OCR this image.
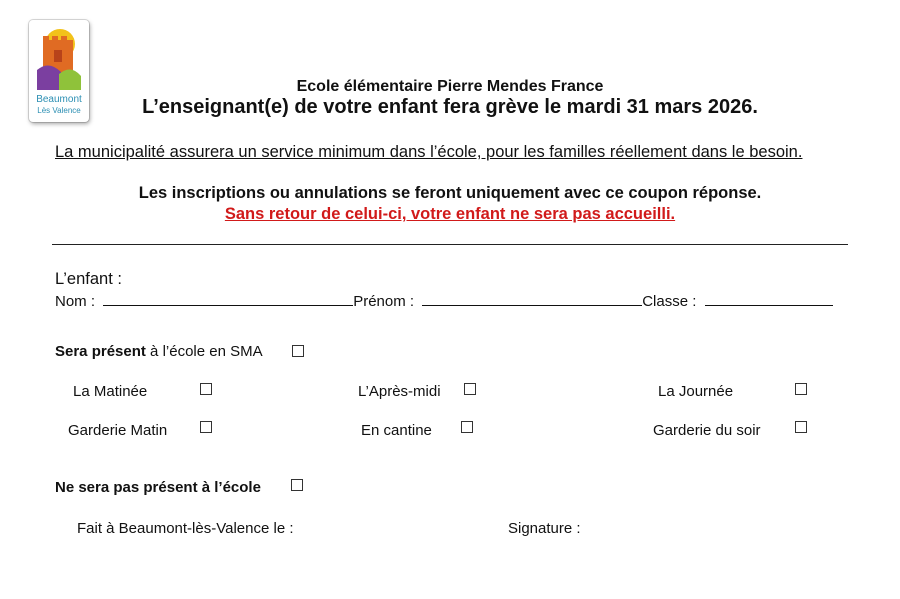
Beaumont
Lès Valence
Ecole élémentaire Pierre Mendes France
L’enseignant(e) de votre enfant fera grève le mardi 31 mars 2026.
La municipalité assurera un service minimum dans l’école, pour les familles réellement dans le besoin.
Les inscriptions ou annulations se feront uniquement avec ce coupon réponse.
Sans retour de celui-ci, votre enfant ne sera pas accueilli.
L’enfant :
Nom :	Prénom :	Classe :
Sera présent à l’école en SMA
La Matinée	L’Après-midi	La Journée
Garderie Matin	En cantine	Garderie du soir
Ne sera pas présent à l’école
Fait à Beaumont-lès-Valence le :	Signature :
